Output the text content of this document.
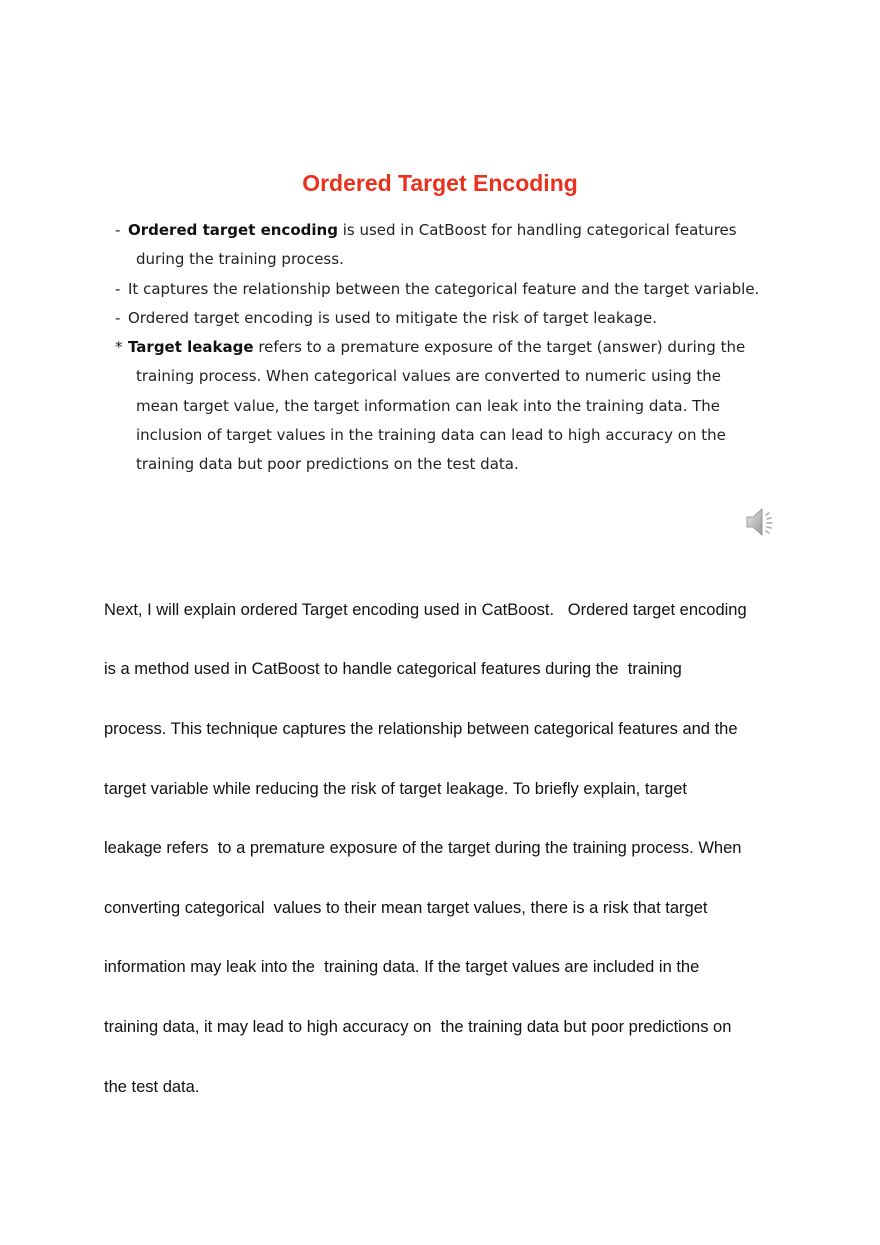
Ordered Target Encoding
- Ordered target encoding is used in CatBoost for handling categorical features
during the training process.
- It captures the relationship between the categorical feature and the target variable.
- Ordered target encoding is used to mitigate the risk of target leakage.
* Target leakage refers to a premature exposure of the target (answer) during the
training process. When categorical values are converted to numeric using the
mean target value, the target information can leak into the training data. The
inclusion of target values in the training data can lead to high accuracy on the
training data but poor predictions on the test data.

Next, I will explain ordered Target encoding used in CatBoost.   Ordered target encoding

is a method used in CatBoost to handle categorical features during the  training

process. This technique captures the relationship between categorical features and the

target variable while reducing the risk of target leakage. To briefly explain, target

leakage refers  to a premature exposure of the target during the training process. When

converting categorical  values to their mean target values, there is a risk that target

information may leak into the  training data. If the target values are included in the

training data, it may lead to high accuracy on  the training data but poor predictions on

the test data.
